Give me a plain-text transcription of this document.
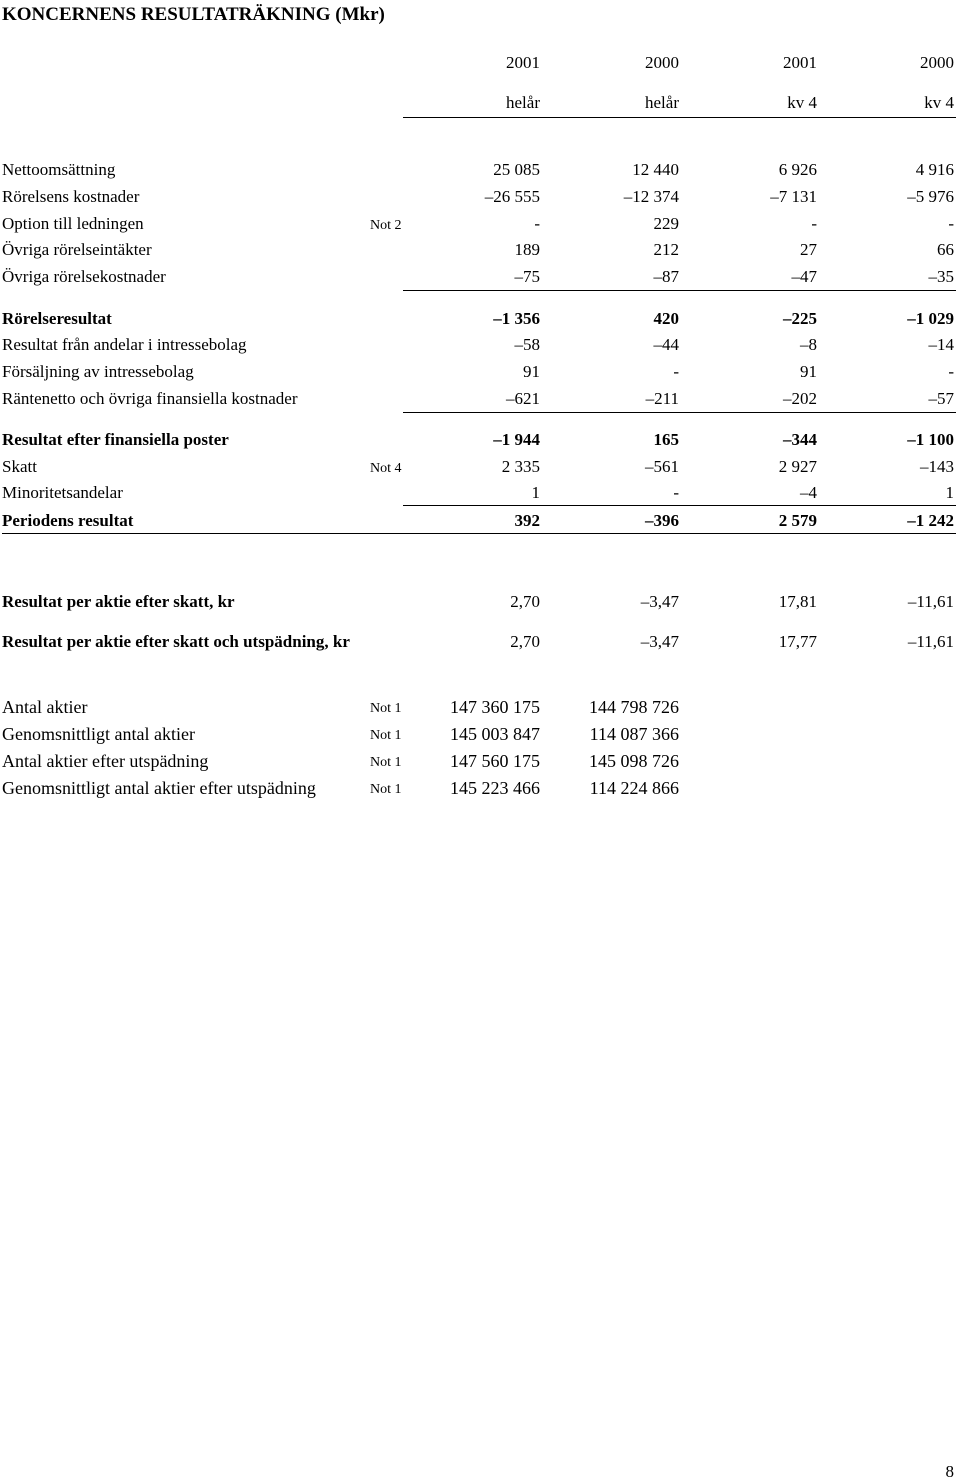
KONCERNENS RESULTATRÄKNING (Mkr)
2001	2000	2001	2000
helår	helår	kv 4	kv 4
Nettoomsättning	25 085	12 440	6 926	4 916
Rörelsens kostnader	–26 555	–12 374	–7 131	–5 976
Option till ledningen	Not 2	-	229	-	-
Övriga rörelseintäkter	189	212	27	66
Övriga rörelsekostnader	–75	–87	–47	–35
Rörelseresultat	–1 356	420	–225	–1 029
Resultat från andelar i intressebolag	–58	–44	–8	–14
Försäljning av intressebolag	91	-	91	-
Räntenetto och övriga finansiella kostnader	–621	–211	–202	–57
Resultat efter finansiella poster	–1 944	165	–344	–1 100
Skatt	Not 4	2 335	–561	2 927	–143
Minoritetsandelar	1	-	–4	1
Periodens resultat	392	–396	2 579	–1 242
Resultat per aktie efter skatt, kr	2,70	–3,47	17,81	–11,61
Resultat per aktie efter skatt och utspädning, kr	2,70	–3,47	17,77	–11,61
Antal aktier	Not 1	147 360 175	144 798 726
Genomsnittligt antal aktier	Not 1	145 003 847	114 087 366
Antal aktier efter utspädning	Not 1	147 560 175	145 098 726
Genomsnittligt antal aktier efter utspädning	Not 1	145 223 466	114 224 866
8
